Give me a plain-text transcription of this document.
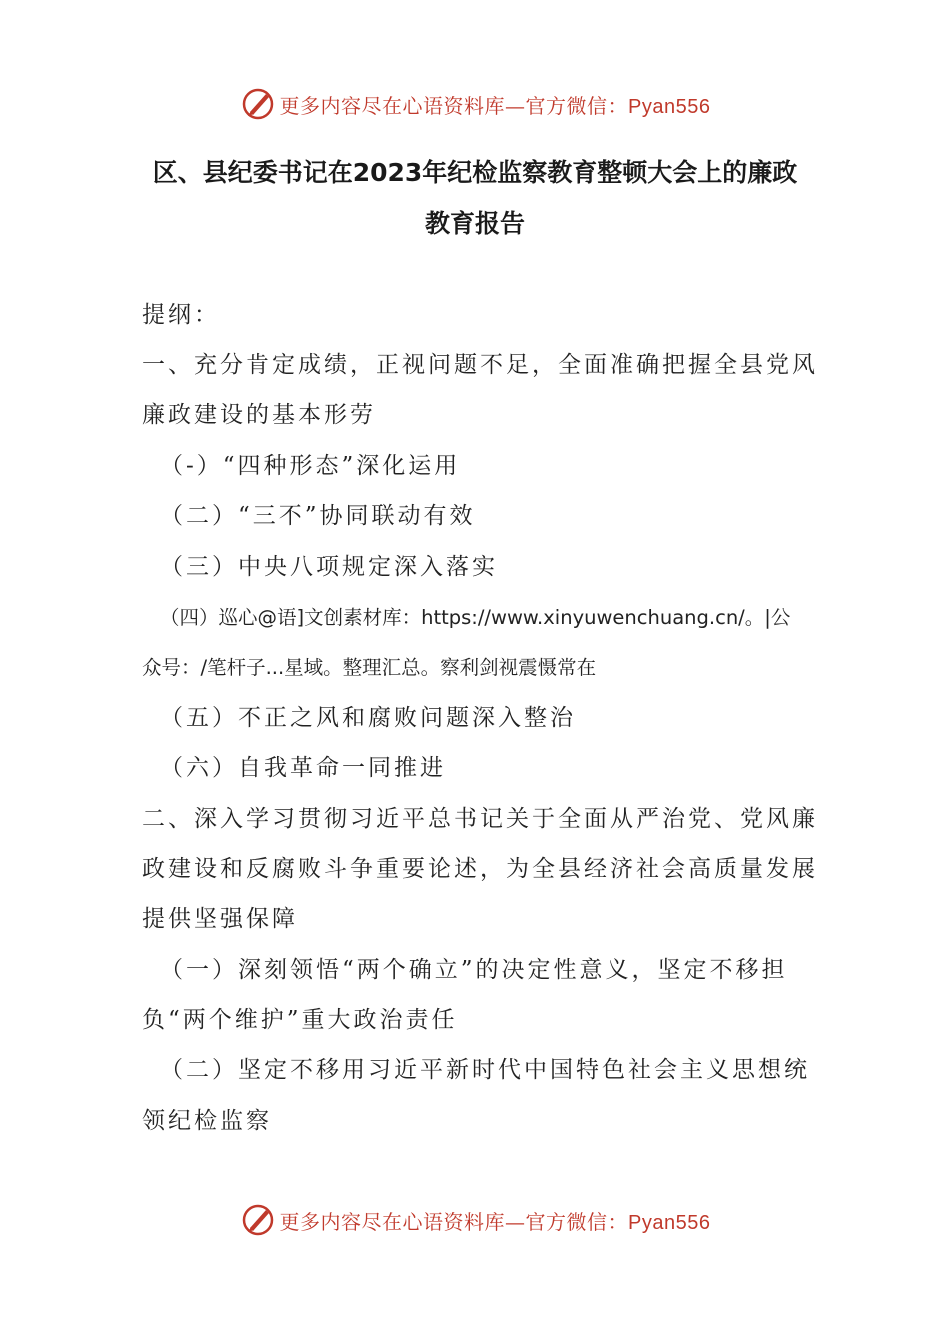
更多内容尽在心语资料库—官方微信：Pyan556
区、县纪委书记在2023年纪检监察教育整顿大会上的廉政
教育报告

提纲：

一、充分肯定成绩，正视问题不足，全面准确把握全县党风

廉政建设的基本形劳

（-）“四种形态”深化运用

（二）“三不”协同联动有效

（三）中央八项规定深入落实

（四）巡心@语]文创素材库：https://www.xinyuwenchuang.cn/。|公

众号：/笔杆子...星域。整理汇总。察利剑视震慑常在

（五）不正之风和腐败问题深入整治

（六）自我革命一同推进

二、深入学习贯彻习近平总书记关于全面从严治党、党风廉

政建设和反腐败斗争重要论述，为全县经济社会高质量发展

提供坚强保障

（一）深刻领悟“两个确立”的决定性意义，坚定不移担

负“两个维护”重大政治责任

（二）坚定不移用习近平新时代中国特色社会主义思想统

领纪检监察

更多内容尽在心语资料库—官方微信：Pyan556
